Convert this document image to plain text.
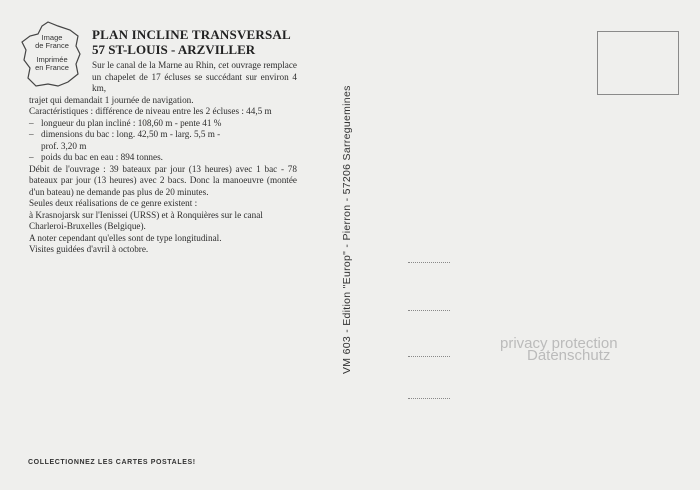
Image
de France
Imprimée
en France
PLAN INCLINE TRANSVERSAL
57 ST-LOUIS - ARZVILLER

Sur le canal de la Marne au Rhin, cet ouvrage remplace un chapelet de 17 écluses se succédant sur environ 4 km,

trajet qui demandait 1 journée de navigation.

Caractéristiques : différence de niveau entre les 2 écluses : 44,5 m

– longueur du plan incliné : 108,60 m - pente 41 %

– dimensions du bac : long. 42,50 m - larg. 5,5 m -

prof. 3,20 m

– poids du bac en eau : 894 tonnes.

Débit de l'ouvrage : 39 bateaux par jour (13 heures) avec 1 bac - 78 bateaux par jour (13 heures) avec 2 bacs. Donc la manoeuvre (montée d'un bateau) ne demande pas plus de 20 minutes.

Seules deux réalisations de ce genre existent :

à Krasnojarsk sur l'Ienissei (URSS) et à Ronquières sur le canal Charleroi-Bruxelles (Belgique).

A noter cependant qu'elles sont de type longitudinal.

Visites guidées d'avril à octobre.

COLLECTIONNEZ LES CARTES POSTALES!
VM 603 - Edition "Europ" - Pierron - 57206 Sarreguemines	privacy protection
Datenschutz
